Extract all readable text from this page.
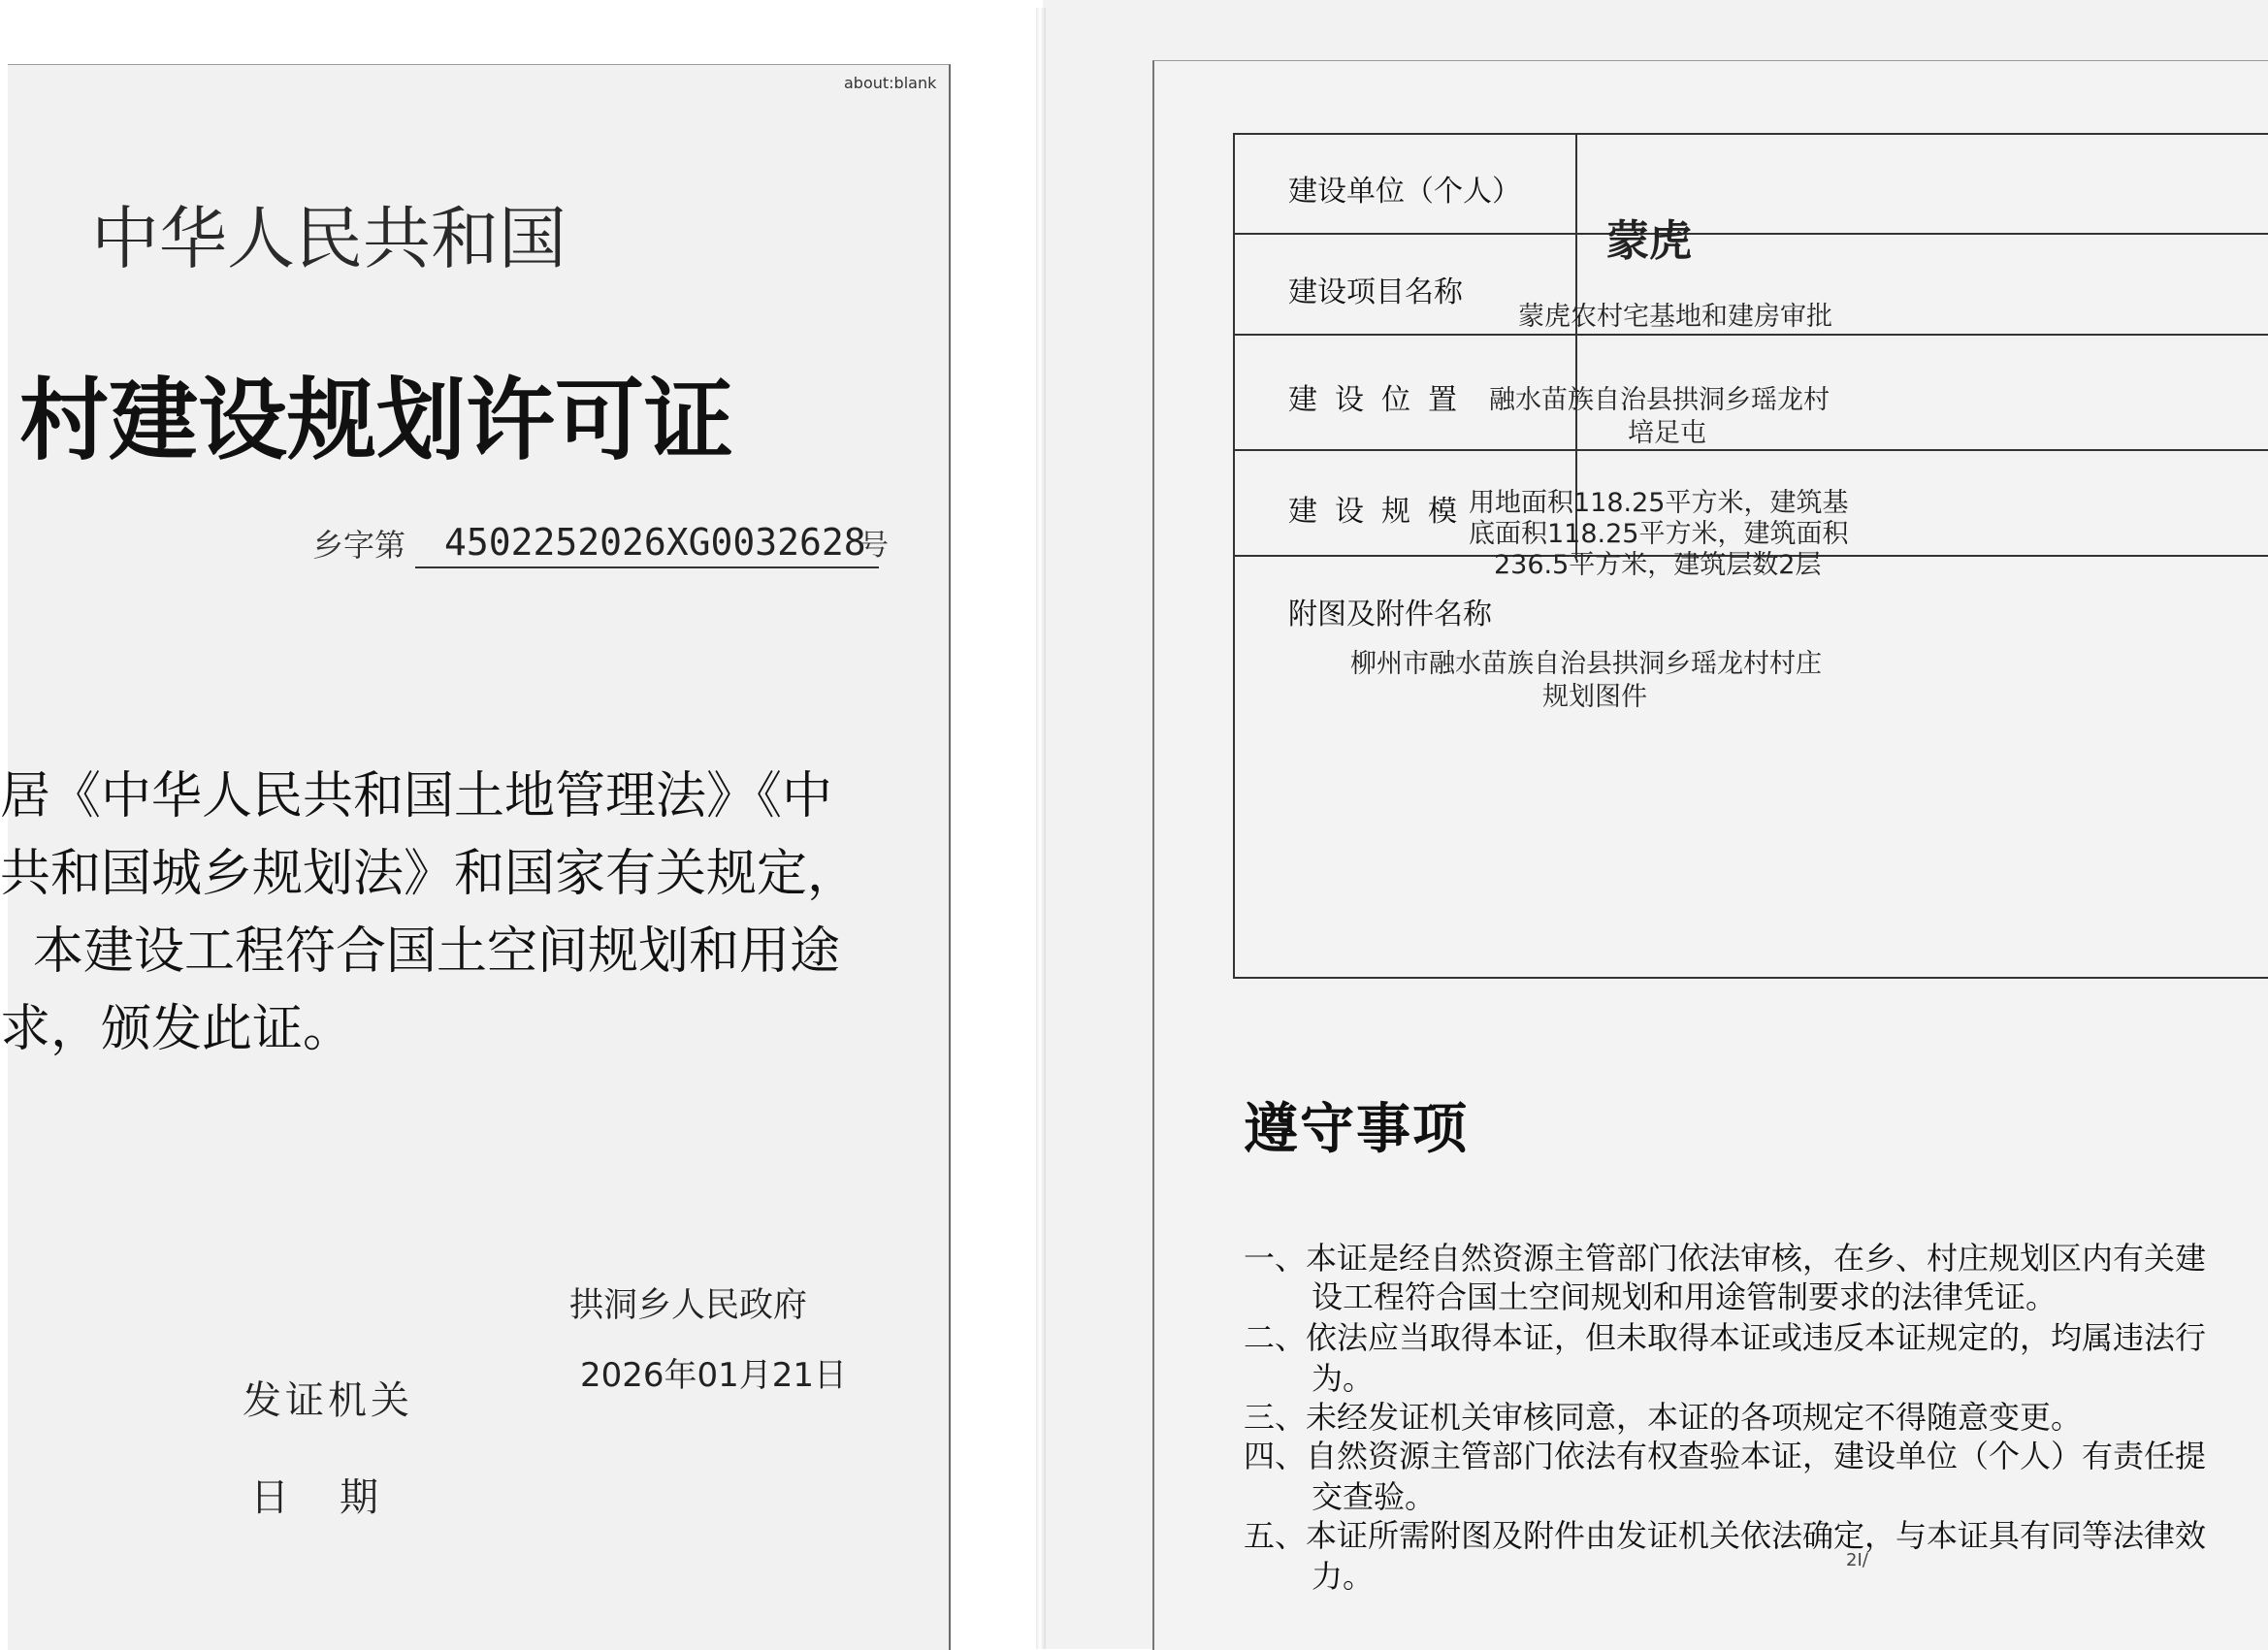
about:blank
中华人民共和国
村建设规划许可证
乡字第 4502252026XG0032628
号
居《中华人民共和国土地管理法》《中
共和国城乡规划法》和国家有关规定，
本建设工程符合国土空间规划和用途
求，颁发此证。
拱洞乡人民政府
2026年01月21日
发证机关
日期
建设单位（个人）
蒙虎
建设项目名称
蒙虎农村宅基地和建房审批
建设位置 融水苗族自治县拱洞乡瑶龙村
培足屯
建设规模
用地面积118.25平方米，建筑基
底面积118.25平方米，建筑面积
236.5平方米，建筑层数2层
附图及附件名称
柳州市融水苗族自治县拱洞乡瑶龙村村庄
规划图件
遵守事项
一、本证是经自然资源主管部门依法审核，在乡、村庄规划区内有关建
设工程符合国土空间规划和用途管制要求的法律凭证。
二、依法应当取得本证，但未取得本证或违反本证规定的，均属违法行
为。
三、未经发证机关审核同意，本证的各项规定不得随意变更。
四、自然资源主管部门依法有权查验本证，建设单位（个人）有责任提
交查验。
五、本证所需附图及附件由发证机关依法确定，与本证具有同等法律效
力。	2I/
